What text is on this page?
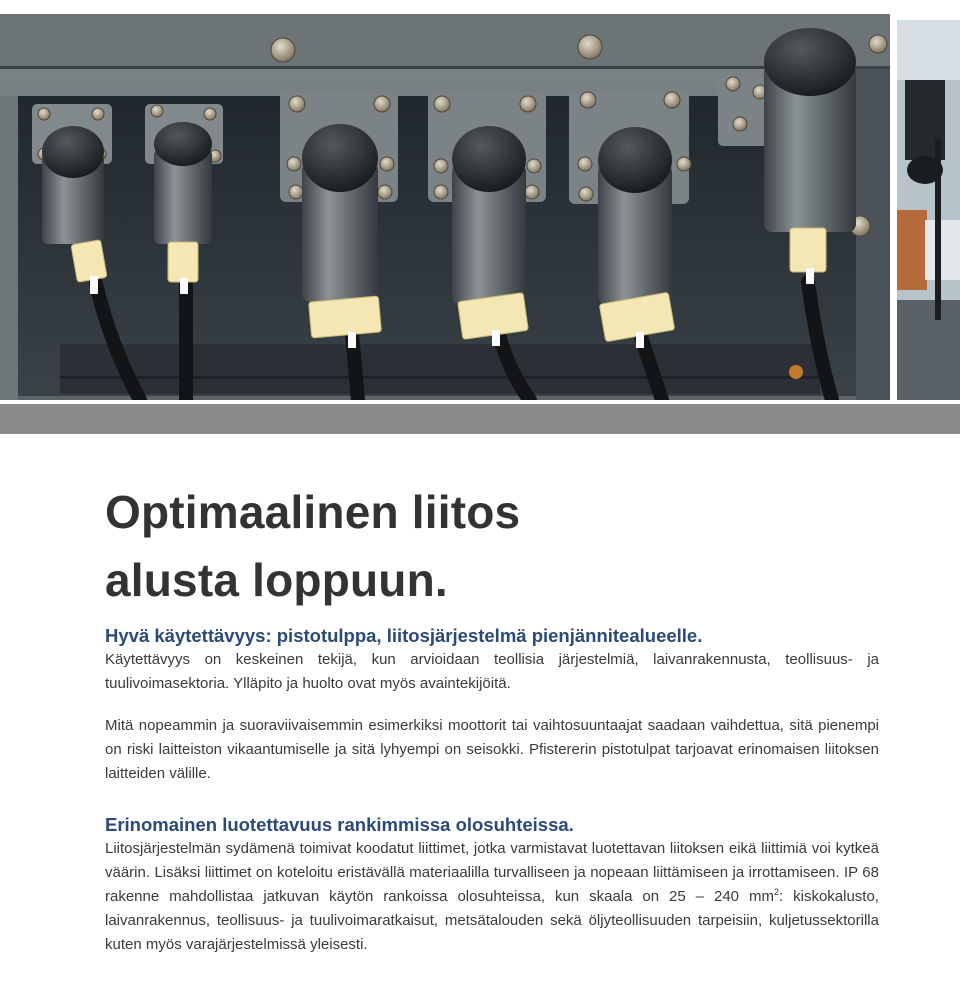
Optimaalinen liitos
alusta loppuun.
Hyvä käytettävyys: pistotulppa, liitosjärjestelmä pienjännitealueelle.

Käytettävyys on keskeinen tekijä, kun arvioidaan teollisia järjestelmiä, laivanrakennusta, teollisuus- ja tuulivoimasektoria. Ylläpito ja huolto ovat myös avaintekijöitä.

Mitä nopeammin ja suoraviivaisemmin esimerkiksi moottorit tai vaihtosuuntaajat saadaan vaihdettua, sitä pienempi on riski laitteiston vikaantumiselle ja sitä lyhyempi on seisokki. Pfistererin pistotulpat tarjoavat erinomaisen liitoksen laitteiden välille.

Erinomainen luotettavuus rankimmissa olosuhteissa.

Liitosjärjestelmän sydämenä toimivat koodatut liittimet, jotka varmistavat luotettavan liitoksen eikä liittimiä voi kytkeä väärin. Lisäksi liittimet on koteloitu eristävällä materiaalilla turvalliseen ja nopeaan liittämiseen ja irrottamiseen. IP 68 rakenne mahdollistaa jatkuvan käytön rankoissa olosuhteissa, kun skaala on 25 – 240 $mm^2$: kiskokalusto, laivanrakennus, teollisuus- ja tuulivoimaratkaisut, metsätalouden sekä öljyteollisuuden tarpeisiin, kuljetussektorilla kuten myös varajärjestelmissä yleisesti.
